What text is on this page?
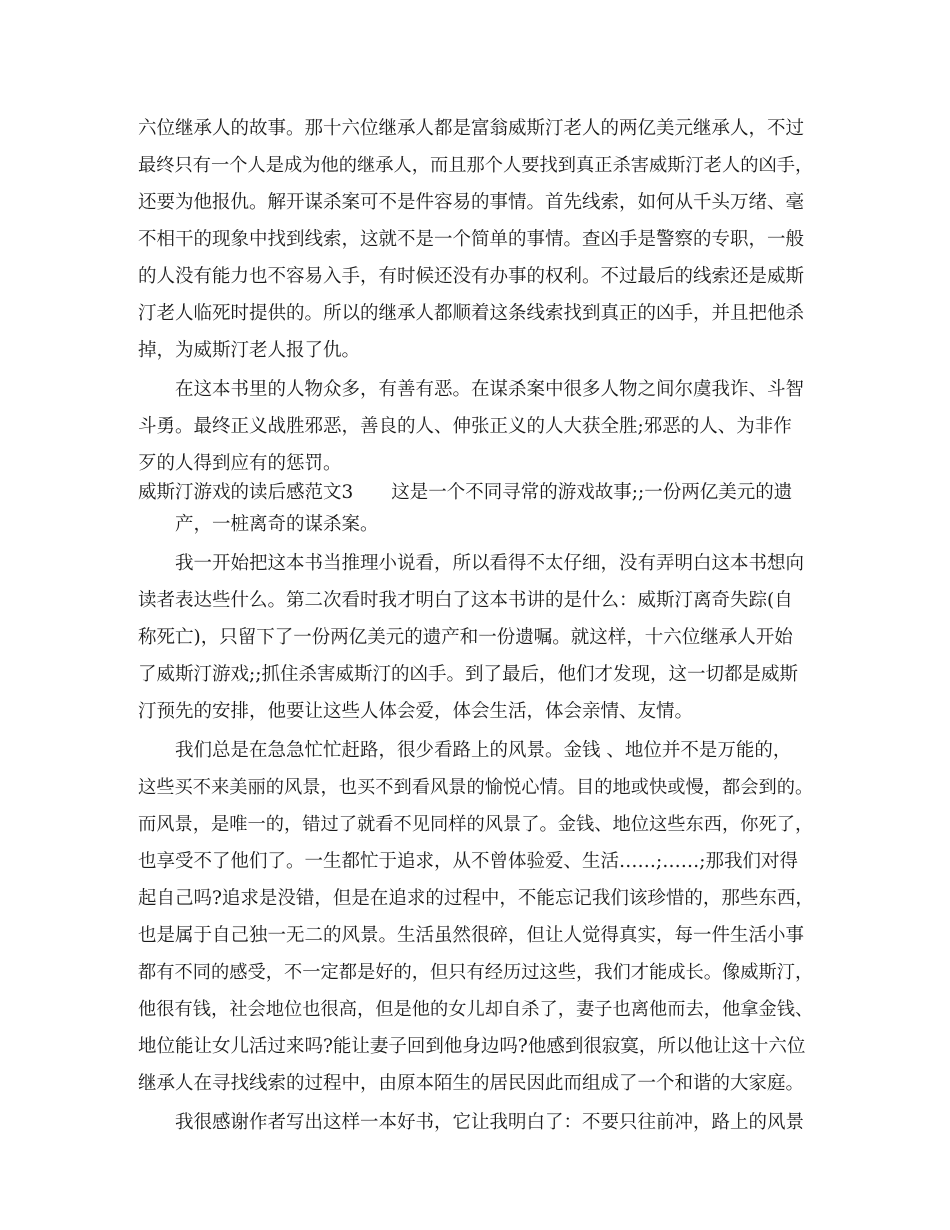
六位继承人的故事。那十六位继承人都是富翁威斯汀老人的两亿美元继承人，不过
最终只有一个人是成为他的继承人，而且那个人要找到真正杀害威斯汀老人的凶手，
还要为他报仇。解开谋杀案可不是件容易的事情。首先线索，如何从千头万绪、毫
不相干的现象中找到线索，这就不是一个简单的事情。查凶手是警察的专职，一般
的人没有能力也不容易入手，有时候还没有办事的权利。不过最后的线索还是威斯
汀老人临死时提供的。所以的继承人都顺着这条线索找到真正的凶手，并且把他杀
掉，为威斯汀老人报了仇。
在这本书里的人物众多，有善有恶。在谋杀案中很多人物之间尔虞我诈、斗智
斗勇。最终正义战胜邪恶，善良的人、伸张正义的人大获全胜;邪恶的人、为非作
歹的人得到应有的惩罚。
威斯汀游戏的读后感范文3 这是一个不同寻常的游戏故事;;一份两亿美元的遗
产，一桩离奇的谋杀案。
我一开始把这本书当推理小说看，所以看得不太仔细，没有弄明白这本书想向
读者表达些什么。第二次看时我才明白了这本书讲的是什么：威斯汀离奇失踪(自
称死亡)，只留下了一份两亿美元的遗产和一份遗嘱。就这样，十六位继承人开始
了威斯汀游戏;;抓住杀害威斯汀的凶手。到了最后，他们才发现，这一切都是威斯
汀预先的安排，他要让这些人体会爱，体会生活，体会亲情、友情。
我们总是在急急忙忙赶路，很少看路上的风景。金钱 、地位并不是万能的，
这些买不来美丽的风景，也买不到看风景的愉悦心情。目的地或快或慢，都会到的。
而风景，是唯一的，错过了就看不见同样的风景了。金钱、地位这些东西，你死了，
也享受不了他们了。一生都忙于追求，从不曾体验爱、生活……;……;那我们对得
起自己吗?追求是没错，但是在追求的过程中，不能忘记我们该珍惜的，那些东西，
也是属于自己独一无二的风景。生活虽然很碎，但让人觉得真实，每一件生活小事
都有不同的感受，不一定都是好的，但只有经历过这些，我们才能成长。像威斯汀，
他很有钱，社会地位也很高，但是他的女儿却自杀了，妻子也离他而去，他拿金钱、
地位能让女儿活过来吗?能让妻子回到他身边吗?他感到很寂寞，所以他让这十六位
继承人在寻找线索的过程中，由原本陌生的居民因此而组成了一个和谐的大家庭。
我很感谢作者写出这样一本好书，它让我明白了：不要只往前冲，路上的风景
